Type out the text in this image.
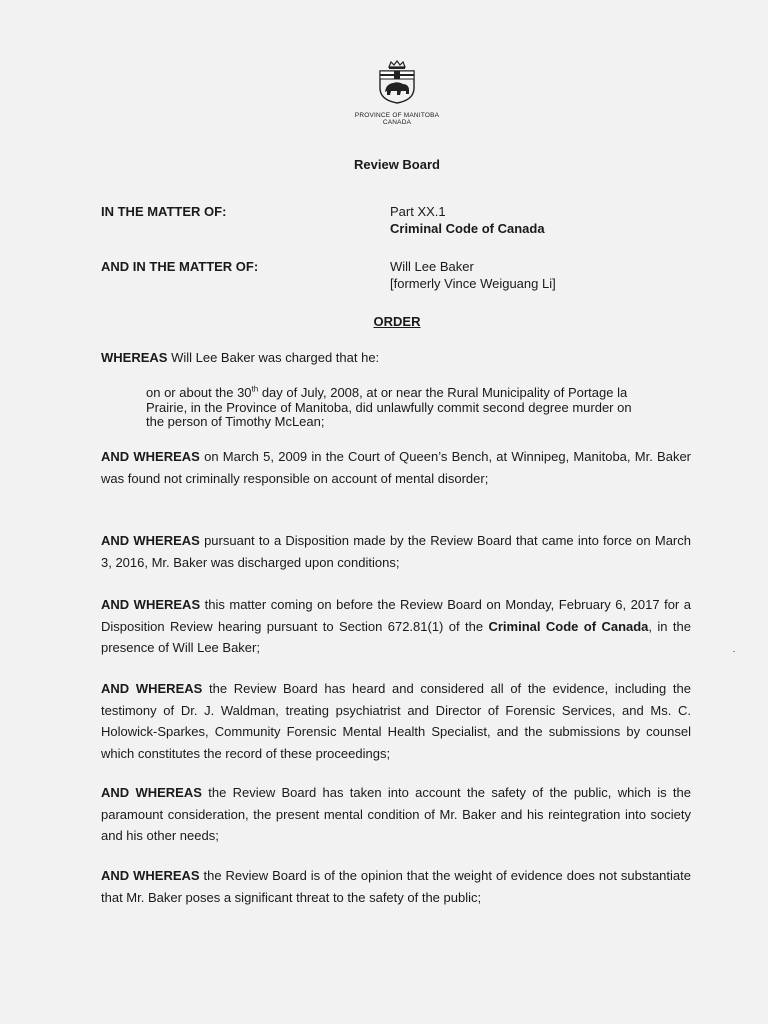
PROVINCE OF MANITOBA
CANADA
Review Board
IN THE MATTER OF:	Part XX.1
Criminal Code of Canada
AND IN THE MATTER OF:	Will Lee Baker
[formerly Vince Weiguang Li]
ORDER
WHEREAS Will Lee Baker was charged that he:
on or about the 30th day of July, 2008, at or near the Rural Municipality of Portage la Prairie, in the Province of Manitoba, did unlawfully commit second degree murder on the person of Timothy McLean;
AND WHEREAS on March 5, 2009 in the Court of Queen’s Bench, at Winnipeg, Manitoba, Mr. Baker was found not criminally responsible on account of mental disorder;
AND WHEREAS pursuant to a Disposition made by the Review Board that came into force on March 3, 2016, Mr. Baker was discharged upon conditions;
AND WHEREAS this matter coming on before the Review Board on Monday, February 6, 2017 for a Disposition Review hearing pursuant to Section 672.81(1) of the Criminal Code of Canada, in the presence of Will Lee Baker;
AND WHEREAS the Review Board has heard and considered all of the evidence, including the testimony of Dr. J. Waldman, treating psychiatrist and Director of Forensic Services, and Ms. C. Holowick-Sparkes, Community Forensic Mental Health Specialist, and the submissions by counsel which constitutes the record of these proceedings;
AND WHEREAS the Review Board has taken into account the safety of the public, which is the paramount consideration, the present mental condition of Mr. Baker and his reintegration into society and his other needs;
AND WHEREAS the Review Board is of the opinion that the weight of evidence does not substantiate that Mr. Baker poses a significant threat to the safety of the public;
